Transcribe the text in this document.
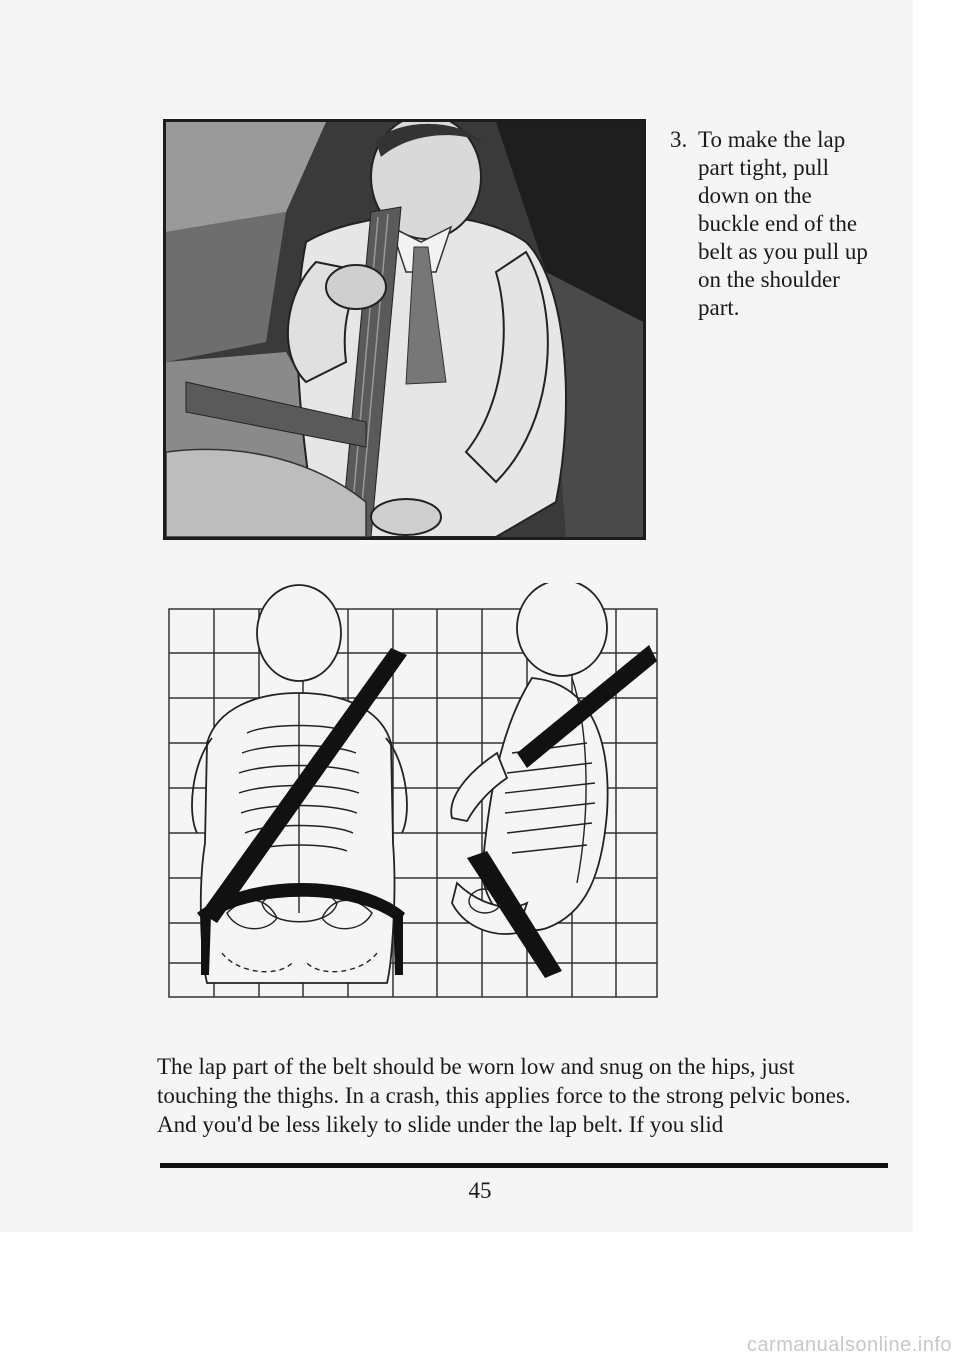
3. To make the lap part tight, pull down on the buckle end of the belt as you pull up on the shoulder part.

The lap part of the belt should be worn low and snug on the hips, just touching the thighs. In a crash, this applies force to the strong pelvic bones. And you'd be less likely to slide under the lap belt. If you slid

45
carmanualsonline.info
